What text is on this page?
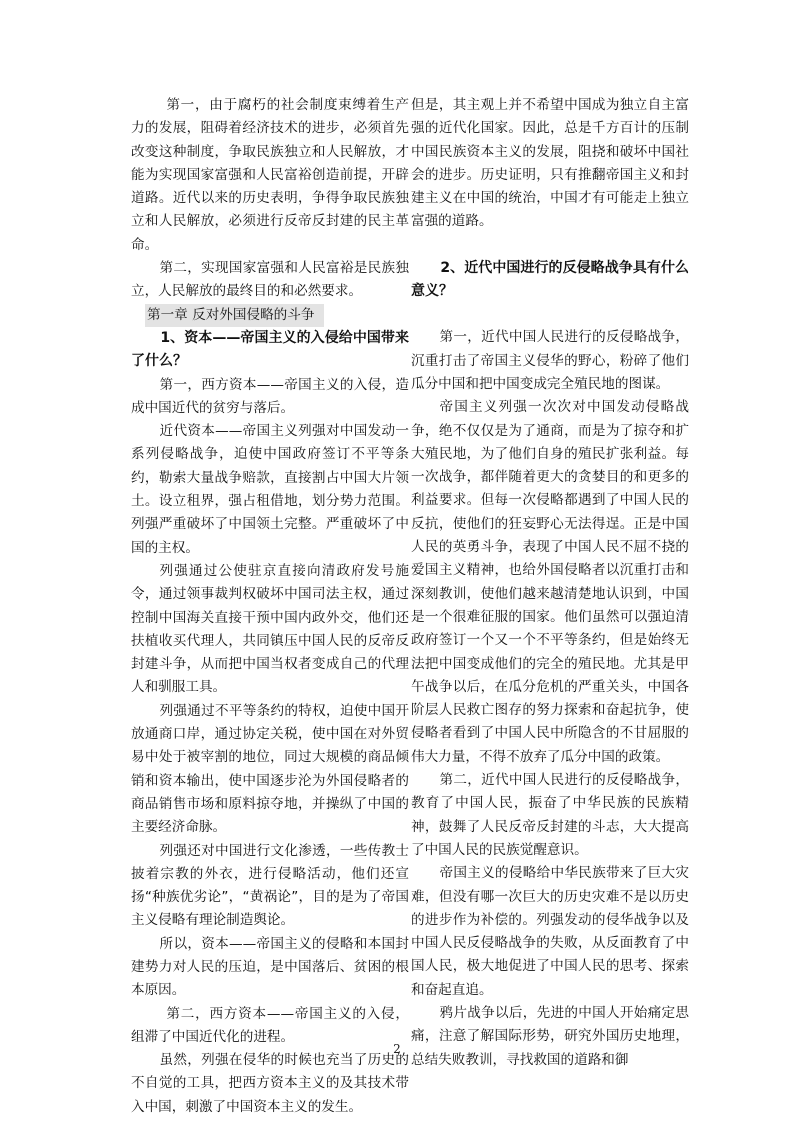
第一，由于腐朽的社会制度束缚着生产力的发展，阻碍着经济技术的进步，必须首先改变这种制度，争取民族独立和人民解放，才能为实现国家富强和人民富裕创造前提，开辟道路。近代以来的历史表明，争得争取民族独立和人民解放，必须进行反帝反封建的民主革命。

第二，实现国家富强和人民富裕是民族独立，人民解放的最终目的和必然要求。

第一章 反对外国侵略的斗争

1、资本——帝国主义的入侵给中国带来了什么？

第一，西方资本——帝国主义的入侵，造成中国近代的贫穷与落后。

近代资本——帝国主义列强对中国发动一系列侵略战争，迫使中国政府签订不平等条约，勒索大量战争赔款，直接割占中国大片领土。设立租界，强占租借地，划分势力范围。列强严重破坏了中国领土完整。严重破坏了中国的主权。

列强通过公使驻京直接向清政府发号施令，通过领事裁判权破坏中国司法主权，通过控制中国海关直接干预中国内政外交，他们还扶植收买代理人，共同镇压中国人民的反帝反封建斗争，从而把中国当权者变成自己的代理人和驯服工具。

列强通过不平等条约的特权，迫使中国开放通商口岸，通过协定关税，使中国在对外贸易中处于被宰割的地位，同过大规模的商品倾销和资本输出，使中国逐步沦为外国侵略者的商品销售市场和原料掠夺地，并操纵了中国的主要经济命脉。

列强还对中国进行文化渗透，一些传教士披着宗教的外衣，进行侵略活动，他们还宣扬“种族优劣论”，“黄祸论”，目的是为了帝国主义侵略有理论制造舆论。

所以，资本——帝国主义的侵略和本国封建势力对人民的压迫，是中国落后、贫困的根本原因。

第二，西方资本——帝国主义的入侵，组滞了中国近代化的进程。

虽然，列强在侵华的时候也充当了历史的不自觉的工具，把西方资本主义的及其技术带入中国，刺激了中国资本主义的发生。

但是，其主观上并不希望中国成为独立自主富强的近代化国家。因此，总是千方百计的压制中国民族资本主义的发展，阻挠和破坏中国社会的进步。历史证明，只有推翻帝国主义和封建主义在中国的统治，中国才有可能走上独立富强的道路。

2、近代中国进行的反侵略战争具有什么意义？

第一，近代中国人民进行的反侵略战争，沉重打击了帝国主义侵华的野心，粉碎了他们瓜分中国和把中国变成完全殖民地的图谋。

帝国主义列强一次次对中国发动侵略战争，绝不仅仅是为了通商，而是为了掠夺和扩大殖民地，为了他们自身的殖民扩张利益。每一次战争，都伴随着更大的贪婪目的和更多的利益要求。但每一次侵略都遇到了中国人民的反抗，使他们的狂妄野心无法得逞。正是中国人民的英勇斗争，表现了中国人民不屈不挠的爱国主义精神，也给外国侵略者以沉重打击和深刻教训，使他们越来越清楚地认识到，中国是一个很难征服的国家。他们虽然可以强迫清政府签订一个又一个不平等条约，但是始终无法把中国变成他们的完全的殖民地。尤其是甲午战争以后，在瓜分危机的严重关头，中国各阶层人民救亡图存的努力探索和奋起抗争，使侵略者看到了中国人民中所隐含的不甘屈服的伟大力量，不得不放弃了瓜分中国的政策。

第二，近代中国人民进行的反侵略战争，教育了中国人民，振奋了中华民族的民族精神，鼓舞了人民反帝反封建的斗志，大大提高了中国人民的民族觉醒意识。

帝国主义的侵略给中华民族带来了巨大灾难，但没有哪一次巨大的历史灾难不是以历史的进步作为补偿的。列强发动的侵华战争以及中国人民反侵略战争的失败，从反面教育了中国人民，极大地促进了中国人民的思考、探索和奋起直追。

鸦片战争以后，先进的中国人开始痛定思痛，注意了解国际形势，研究外国历史地理，总结失败教训，寻找救国的道路和御

2
